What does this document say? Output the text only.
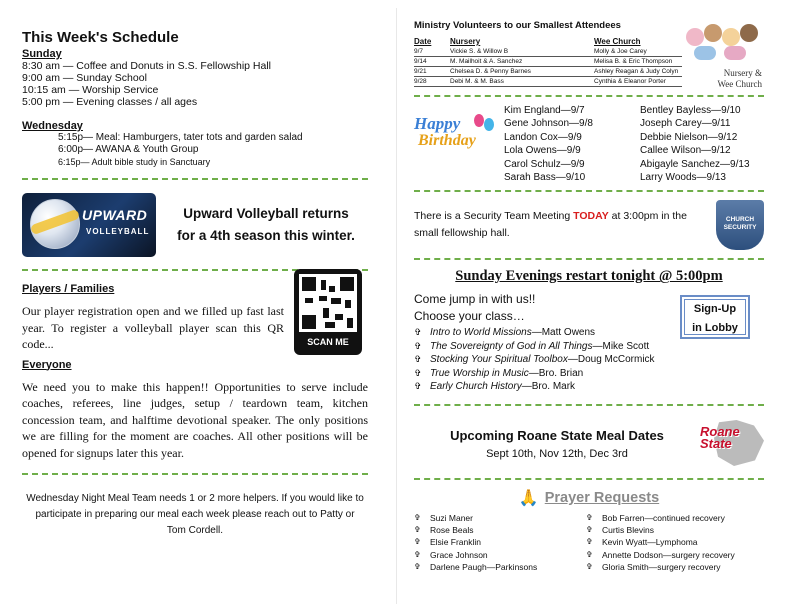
This Week's Schedule
Sunday
8:30 am — Coffee and Donuts in S.S. Fellowship Hall
9:00 am — Sunday School
10:15 am — Worship Service
5:00 pm — Evening classes / all ages
Wednesday
5:15p— Meal: Hamburgers, tater tots and garden salad
6:00p— AWANA & Youth Group
6:15p— Adult bible study in Sanctuary
UPWARD
VOLLEYBALL
Upward Volleyball returns
for a 4th season this winter.
Players / Families
Our player registration open and we filled up fast last year. To register a volleyball player scan this QR code...	SCAN ME
Everyone
We need you to make this happen!! Opportunities to serve include coaches, referees, line judges, setup / teardown team, kitchen concession team, and halftime devotional speaker. The only positions we are filling for the moment are coaches. All other positions will be opened for signups later this year.
Wednesday Night Meal Team needs 1 or 2 more helpers. If you would like to participate in preparing our meal each week please reach out to Patty or Tom Cordell.
Ministry Volunteers to our Smallest Attendees
Date	Nursery	Wee Church
9/7	Vickie S. & Willow B	Molly & Joe Carey
9/14	M. Mailhoit & A. Sanchez	Melisa B. & Eric Thompson
9/21	Chelsea D. & Penny Barnes	Ashley Reagan & Judy Colyn
9/28	Debi M. & M. Bass	Cynthia & Eleanor Porter
Nursery &
Wee Church
Happy
Birthday
Kim England—9/7	Bentley Bayless—9/10
Gene Johnson—9/8	Joseph Carey—9/11
Landon Cox—9/9	Debbie Nielson—9/12
Lola Owens—9/9	Callee Wilson—9/12
Carol Schulz—9/9	Abigayle Sanchez—9/13
Sarah Bass—9/10	Larry Woods—9/13
There is a Security Team Meeting TODAY at 3:00pm in the small fellowship hall.
CHURCH SECURITY
Sunday Evenings restart tonight @ 5:00pm
Come jump in with us!!
Choose your class…
✞ Intro to World Missions —Matt Owens
✞ The Sovereignty of God in All Things —Mike Scott
✞ Stocking Your Spiritual Toolbox —Doug McCormick
✞ True Worship in Music —Bro. Brian
✞ Early Church History —Bro. Mark
Sign-Up
in Lobby
Upcoming Roane State Meal Dates
Sept 10th, Nov 12th, Dec 3rd
Roane
State
🙏 Prayer Requests
✞	Suzi Maner	✞	Bob Farren—continued recovery
✞	Rose Beals	✞	Curtis Blevins
✞	Elsie Franklin	✞	Kevin Wyatt—Lymphoma
✞	Grace Johnson	✞	Annette Dodson—surgery recovery
✞	Darlene Paugh—Parkinsons	✞	Gloria Smith—surgery recovery
